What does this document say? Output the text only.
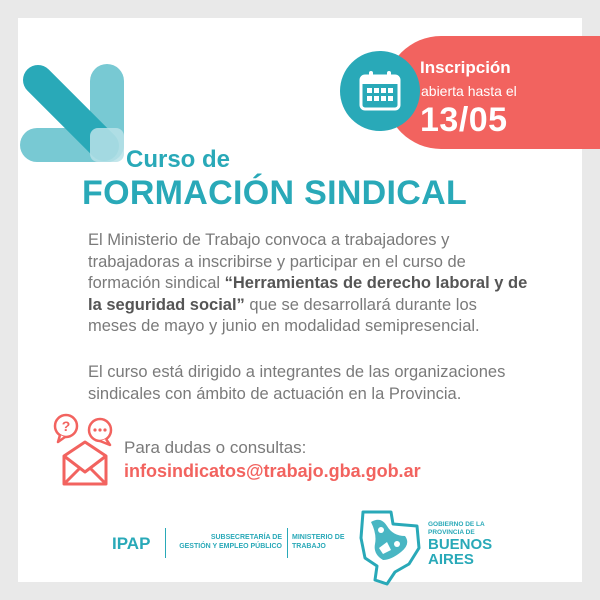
Inscripción
abierta hasta el
13/05
Curso de
FORMACIÓN SINDICAL
El Ministerio de Trabajo convoca a trabajadores y trabajadoras a inscribirse y participar en el curso de formación sindical “Herramientas de derecho laboral y de la seguridad social” que se desarrollará durante los meses de mayo y junio en modalidad semipresencial.
El curso está dirigido a integrantes de las organizaciones sindicales con ámbito de actuación en la Provincia.
?
Para dudas o consultas:
infosindicatos@trabajo.gba.gob.ar
IPAP	SUBSECRETARÍA DE
GESTIÓN Y EMPLEO PÚBLICO
MINISTERIO DE
TRABAJO
GOBIERNO DE LA
PROVINCIA DE
BUENOS
AIRES
